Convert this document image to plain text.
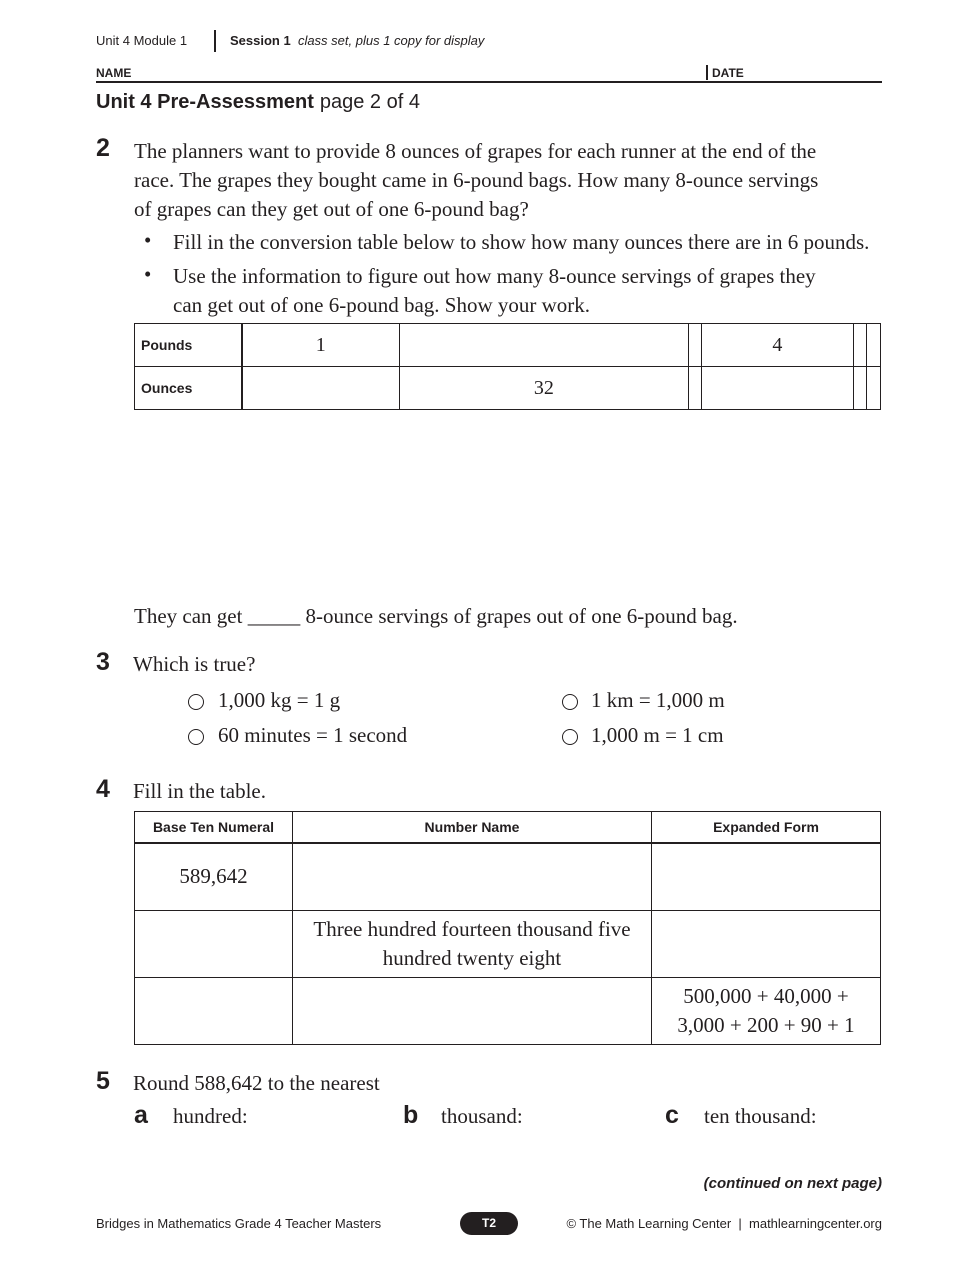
Unit 4 Module 1	Session 1 class set, plus 1 copy for display
NAME	DATE
Unit 4 Pre-Assessment page 2 of 4
2 The planners want to provide 8 ounces of grapes for each runner at the end of the
race. The grapes they bought came in 6-pound bags. How many 8-ounce servings
of grapes can they get out of one 6-pound bag?
• Fill in the conversion table below to show how many ounces there are in 6 pounds.
• Use the information to figure out how many 8-ounce servings of grapes they
can get out of one 6-pound bag. Show your work.
Pounds	1			4		
Ounces		32				
They can get _____ 8-ounce servings of grapes out of one 6-pound bag.
3 Which is true?
1,000 kg = 1 g	1 km = 1,000 m
60 minutes = 1 second	1,000 m = 1 cm
4 Fill in the table.
Base Ten Numeral	Number Name	Expanded Form
589,642	

	Three hundred fourteen thousand five
hundred twenty eight	

		500,000 + 40,000 +
3,000 + 200 + 90 + 1
5 Round 588,642 to the nearest
a hundred:	b thousand:	c ten thousand:
(continued on next page)
Bridges in Mathematics Grade 4 Teacher Masters	T2	© The Math Learning Center  |  mathlearningcenter.org
